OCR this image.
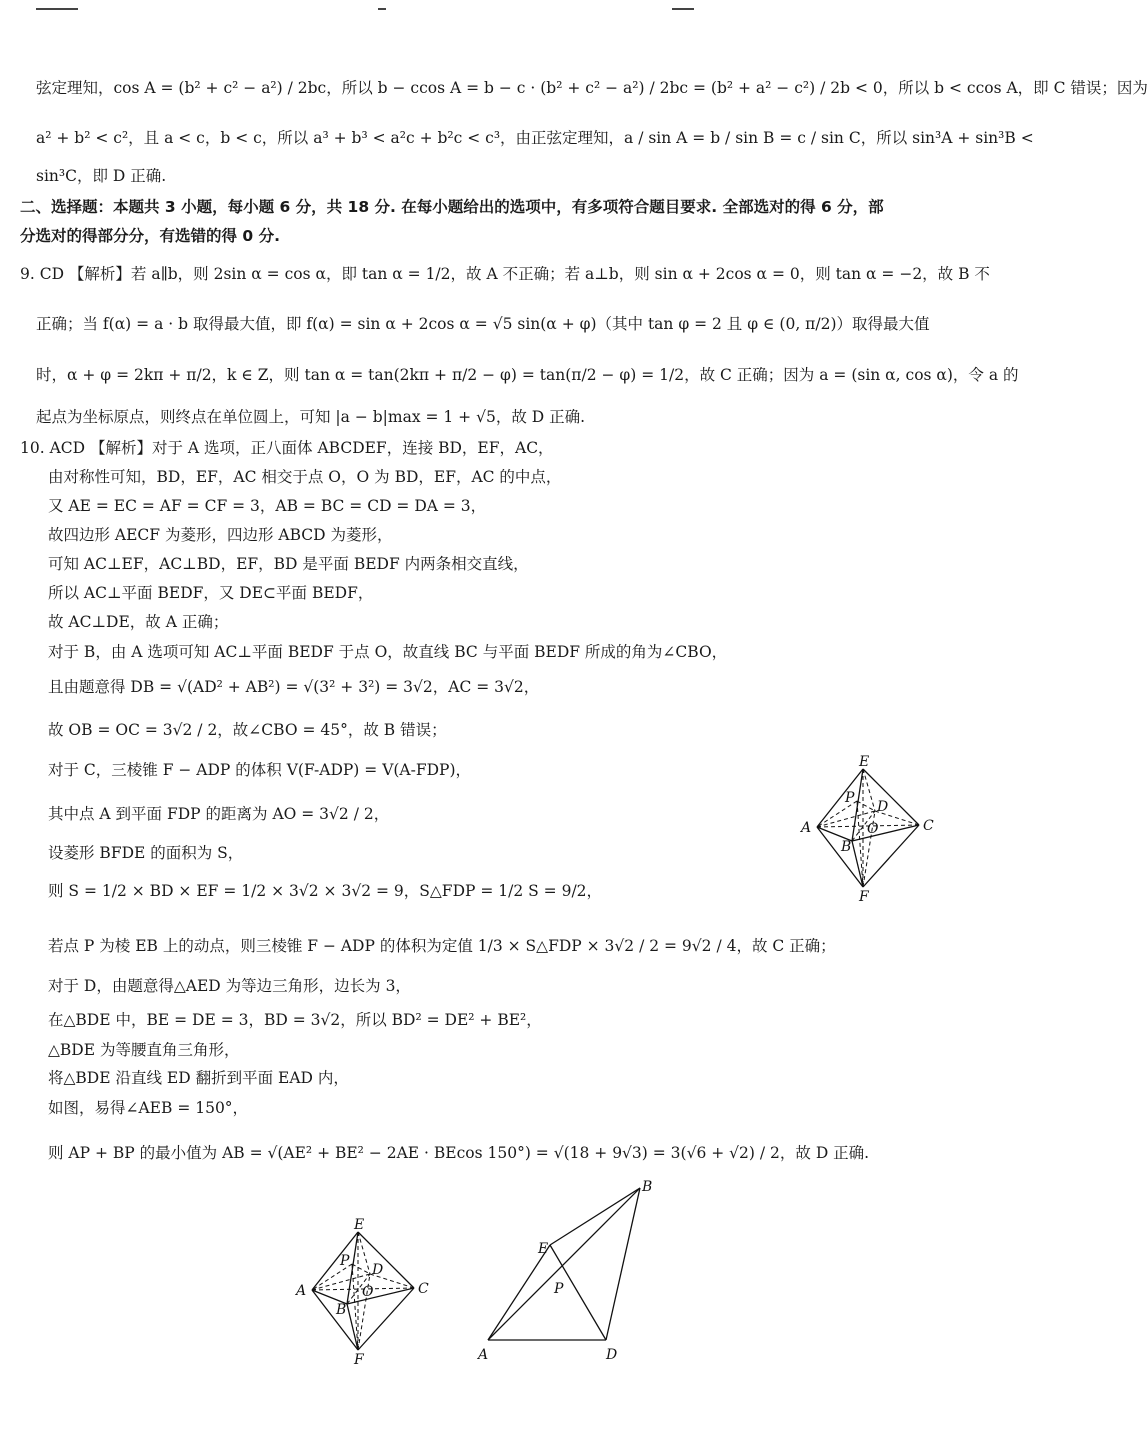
弦定理知，cos A = (b² + c² − a²) / 2bc，所以 b − ccos A = b − c · (b² + c² − a²) / 2bc = (b² + a² − c²) / 2b < 0，所以 b < ccos A，即 C 错误；因为
a² + b² < c²，且 a < c，b < c，所以 a³ + b³ < a²c + b²c < c³，由正弦定理知，a / sin A = b / sin B = c / sin C，所以 sin³A + sin³B <
sin³C，即 D 正确.
二、选择题：本题共 3 小题，每小题 6 分，共 18 分. 在每小题给出的选项中，有多项符合题目要求. 全部选对的得 6 分，部
分选对的得部分分，有选错的得 0 分.
9. CD 【解析】若 a∥b，则 2sin α = cos α，即 tan α = 1/2，故 A 不正确；若 a⊥b，则 sin α + 2cos α = 0，则 tan α = −2，故 B 不
正确；当 f(α) = a · b 取得最大值，即 f(α) = sin α + 2cos α = √5 sin(α + φ)（其中 tan φ = 2 且 φ ∈ (0, π/2)）取得最大值
时，α + φ = 2kπ + π/2，k ∈ Z，则 tan α = tan(2kπ + π/2 − φ) = tan(π/2 − φ) = 1/2，故 C 正确；因为 a = (sin α, cos α)，令 a 的
起点为坐标原点，则终点在单位圆上，可知 |a − b|max = 1 + √5，故 D 正确.
10. ACD 【解析】对于 A 选项，正八面体 ABCDEF，连接 BD，EF，AC，
由对称性可知，BD，EF，AC 相交于点 O，O 为 BD，EF，AC 的中点，
又 AE = EC = AF = CF = 3，AB = BC = CD = DA = 3，
故四边形 AECF 为菱形，四边形 ABCD 为菱形，
可知 AC⊥EF，AC⊥BD，EF，BD 是平面 BEDF 内两条相交直线，
所以 AC⊥平面 BEDF，又 DE⊂平面 BEDF，
故 AC⊥DE，故 A 正确；
对于 B，由 A 选项可知 AC⊥平面 BEDF 于点 O，故直线 BC 与平面 BEDF 所成的角为∠CBO，
且由题意得 DB = √(AD² + AB²) = √(3² + 3²) = 3√2，AC = 3√2，
故 OB = OC = 3√2 / 2，故∠CBO = 45°，故 B 错误；
对于 C，三棱锥 F − ADP 的体积 V(F-ADP) = V(A-FDP)，
其中点 A 到平面 FDP 的距离为 AO = 3√2 / 2，
设菱形 BFDE 的面积为 S，
则 S = 1/2 × BD × EF = 1/2 × 3√2 × 3√2 = 9，S△FDP = 1/2 S = 9/2，
若点 P 为棱 EB 上的动点，则三棱锥 F − ADP 的体积为定值 1/3 × S△FDP × 3√2 / 2 = 9√2 / 4，故 C 正确；
对于 D，由题意得△AED 为等边三角形，边长为 3，
在△BDE 中，BE = DE = 3，BD = 3√2，所以 BD² = DE² + BE²，
△BDE 为等腰直角三角形，
将△BDE 沿直线 ED 翻折到平面 EAD 内，
如图，易得∠AEB = 150°，
则 AP + BP 的最小值为 AB = √(AE² + BE² − 2AE · BEcos 150°) = √(18 + 9√3) = 3(√6 + √2) / 2，故 D 正确.
E
A	C
F
B
D
P
O
E
A	C
F
B
D
P
O
B
E
P
A	D
